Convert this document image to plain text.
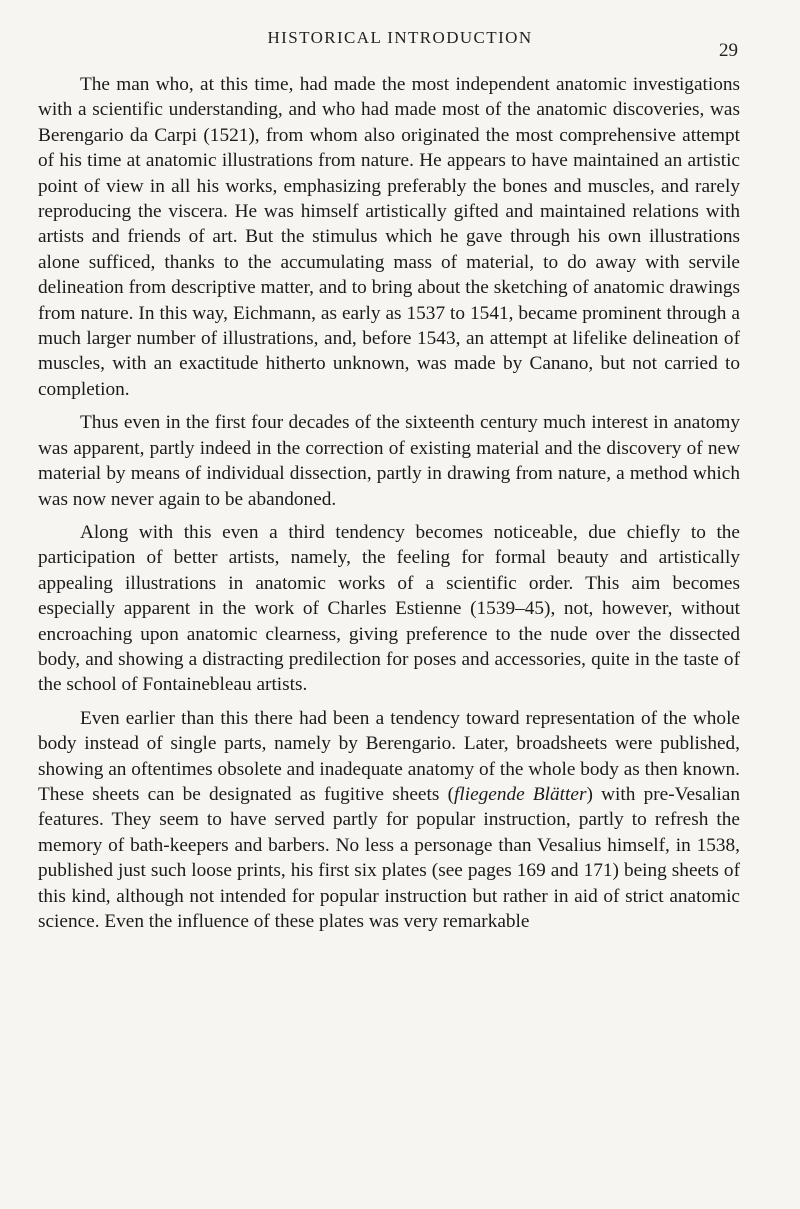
HISTORICAL INTRODUCTION
29

The man who, at this time, had made the most independent anatomic investigations with a scientific understanding, and who had made most of the anatomic discoveries, was Berengario da Carpi (1521), from whom also originated the most comprehensive attempt of his time at anatomic illustrations from nature. He appears to have maintained an artistic point of view in all his works, emphasizing preferably the bones and muscles, and rarely reproducing the viscera. He was himself artistically gifted and maintained relations with artists and friends of art. But the stimulus which he gave through his own illustrations alone sufficed, thanks to the accumulating mass of material, to do away with servile delineation from descriptive matter, and to bring about the sketching of anatomic drawings from nature. In this way, Eichmann, as early as 1537 to 1541, became prominent through a much larger number of illustrations, and, before 1543, an attempt at lifelike delineation of muscles, with an exactitude hitherto unknown, was made by Canano, but not carried to completion.

Thus even in the first four decades of the sixteenth century much interest in anatomy was apparent, partly indeed in the correction of existing material and the discovery of new material by means of individual dissection, partly in drawing from nature, a method which was now never again to be abandoned.

Along with this even a third tendency becomes noticeable, due chiefly to the participation of better artists, namely, the feeling for formal beauty and artistically appealing illustrations in anatomic works of a scientific order. This aim becomes especially apparent in the work of Charles Estienne (1539–45), not, however, without encroaching upon anatomic clearness, giving preference to the nude over the dissected body, and showing a distracting predilection for poses and accessories, quite in the taste of the school of Fontainebleau artists.

Even earlier than this there had been a tendency toward representation of the whole body instead of single parts, namely by Berengario. Later, broadsheets were published, showing an oftentimes obsolete and inadequate anatomy of the whole body as then known. These sheets can be designated as fugitive sheets (fliegende Blätter) with pre-Vesalian features. They seem to have served partly for popular instruction, partly to refresh the memory of bath-keepers and barbers. No less a personage than Vesalius himself, in 1538, published just such loose prints, his first six plates (see pages 169 and 171) being sheets of this kind, although not intended for popular instruction but rather in aid of strict anatomic science. Even the influence of these plates was very remarkable
